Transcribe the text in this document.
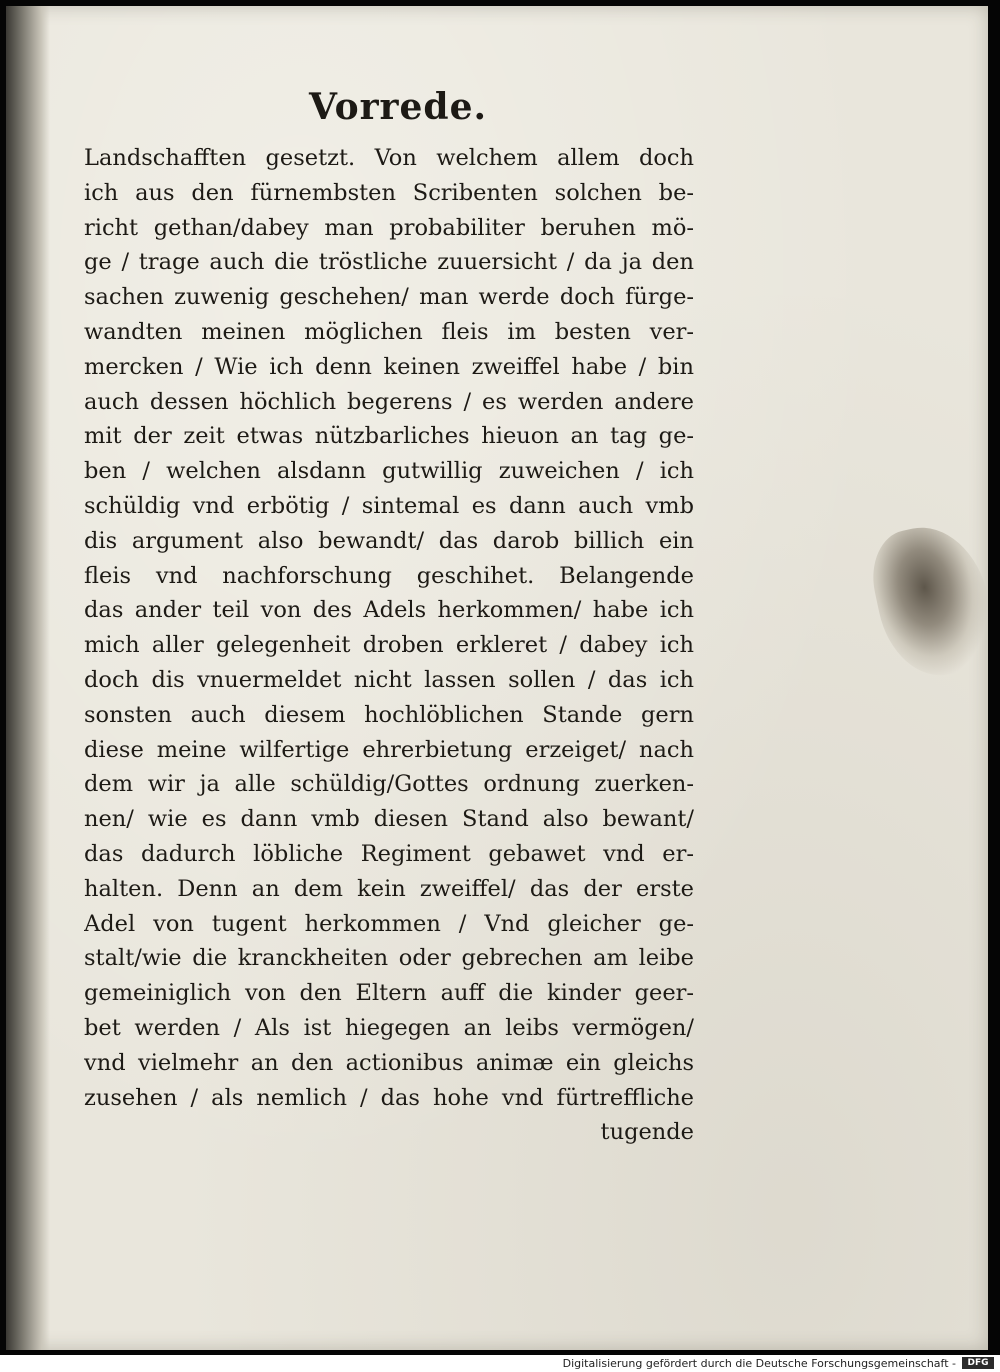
Vorrede.
Landschafften gesetzt. Von welchem allem doch
ich aus den fürnembsten Scribenten solchen be-
richt gethan/dabey man probabiliter beruhen mö-
ge / trage auch die tröstliche zuuersicht / da ja den
sachen zuwenig geschehen/ man werde doch fürge-
wandten meinen möglichen fleis im besten ver-
mercken / Wie ich denn keinen zweiffel habe / bin
auch dessen höchlich begerens / es werden andere
mit der zeit etwas nützbarliches hieuon an tag ge-
ben / welchen alsdann gutwillig zuweichen / ich
schüldig vnd erbötig / sintemal es dann auch vmb
dis argument also bewandt/ das darob billich ein
fleis vnd nachforschung geschihet. Belangende
das ander teil von des Adels herkommen/ habe ich
mich aller gelegenheit droben erkleret / dabey ich
doch dis vnuermeldet nicht lassen sollen / das ich
sonsten auch diesem hochlöblichen Stande gern
diese meine wilfertige ehrerbietung erzeiget/ nach
dem wir ja alle schüldig/Gottes ordnung zuerken-
nen/ wie es dann vmb diesen Stand also bewant/
das dadurch löbliche Regiment gebawet vnd er-
halten. Denn an dem kein zweiffel/ das der erste
Adel von tugent herkommen / Vnd gleicher ge-
stalt/wie die kranckheiten oder gebrechen am leibe
gemeiniglich von den Eltern auff die kinder geer-
bet werden / Als ist hiegegen an leibs vermögen/
vnd vielmehr an den actionibus animæ ein gleichs
zusehen / als nemlich / das hohe vnd fürtreffliche
tugende
Digitalisierung gefördert durch die Deutsche Forschungsgemeinschaft -	DFG
